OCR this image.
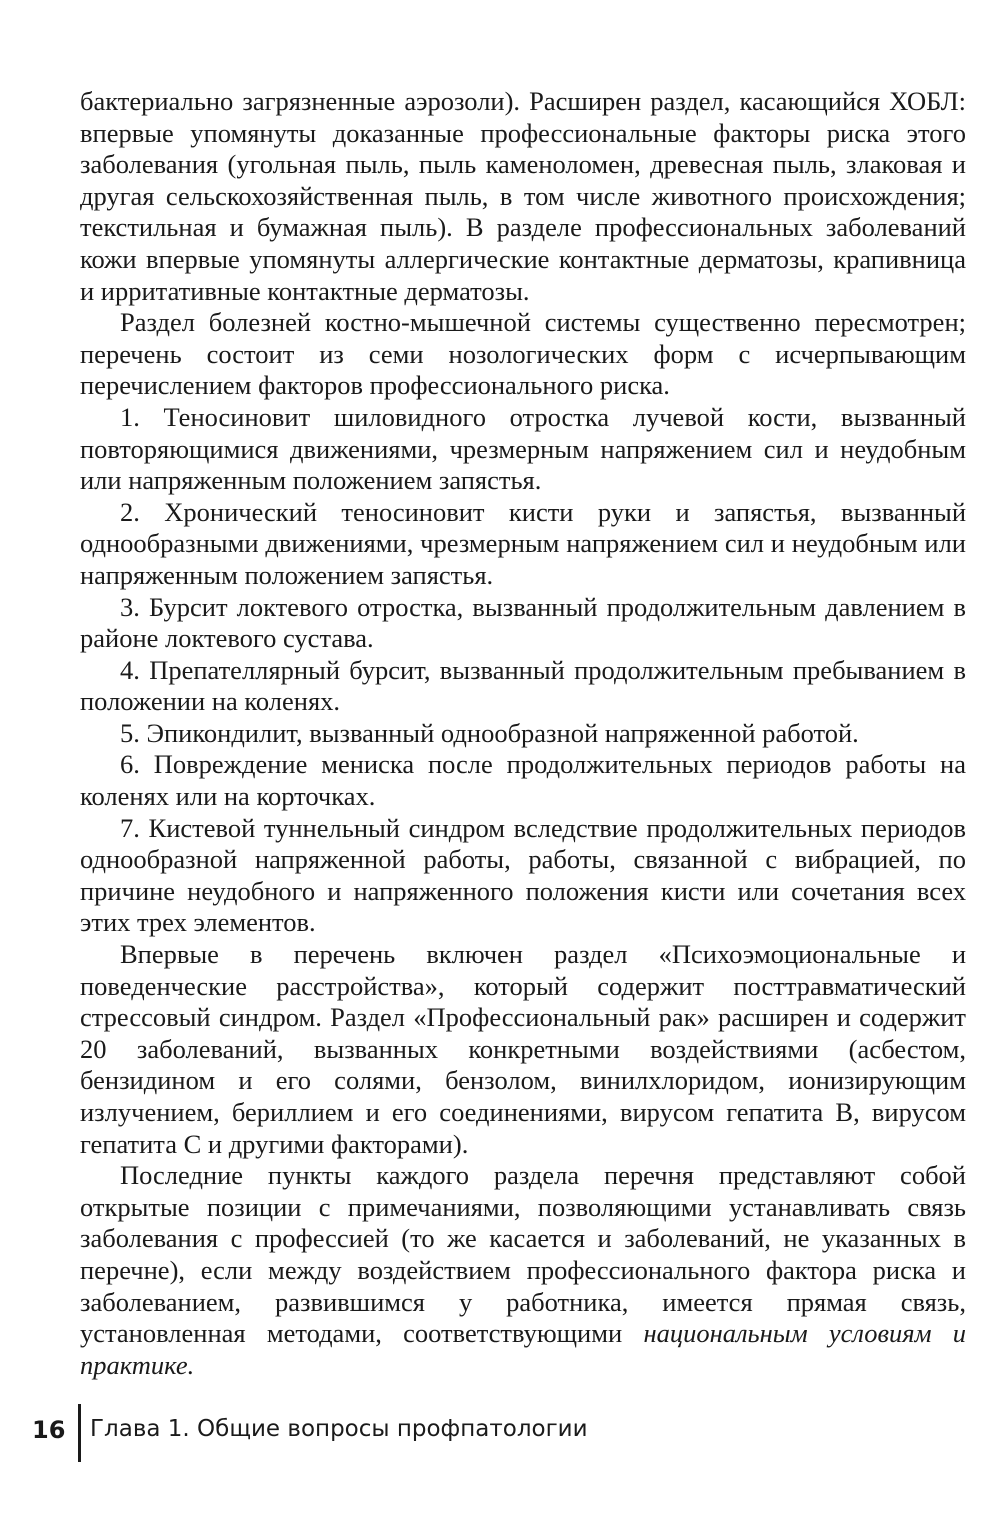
бактериально загрязненные аэрозоли). Расширен раздел, касающийся ХОБЛ: впервые упомянуты доказанные профессиональные факторы риска этого заболевания (угольная пыль, пыль каменоломен, древесная пыль, злаковая и другая сельскохозяйственная пыль, в том числе животного происхождения; текстильная и бумажная пыль). В разделе профессиональных заболеваний кожи впервые упомянуты аллергические контактные дерматозы, крапивница и ирритативные контактные дерматозы.

Раздел болезней костно-мышечной системы существенно пересмотрен; перечень состоит из семи нозологических форм с исчерпывающим перечислением факторов профессионального риска.

1. Теносиновит шиловидного отростка лучевой кости, вызванный повторяющимися движениями, чрезмерным напряжением сил и неудобным или напряженным положением запястья.

2. Хронический теносиновит кисти руки и запястья, вызванный однообразными движениями, чрезмерным напряжением сил и неудобным или напряженным положением запястья.

3. Бурсит локтевого отростка, вызванный продолжительным давлением в районе локтевого сустава.

4. Препателлярный бурсит, вызванный продолжительным пребыванием в положении на коленях.

5. Эпикондилит, вызванный однообразной напряженной работой.

6. Повреждение мениска после продолжительных периодов работы на коленях или на корточках.

7. Кистевой туннельный синдром вследствие продолжительных периодов однообразной напряженной работы, работы, связанной с вибрацией, по причине неудобного и напряженного положения кисти или сочетания всех этих трех элементов.

Впервые в перечень включен раздел «Психоэмоциональные и поведенческие расстройства», который содержит посттравматический стрессовый синдром. Раздел «Профессиональный рак» расширен и содержит 20 заболеваний, вызванных конкретными воздействиями (асбестом, бензидином и его солями, бензолом, винилхлоридом, ионизирующим излучением, бериллием и его соединениями, вирусом гепатита B, вирусом гепатита C и другими факторами).

Последние пункты каждого раздела перечня представляют собой открытые позиции с примечаниями, позволяющими устанавливать связь заболевания с профессией (то же касается и заболеваний, не указанных в перечне), если между воздействием профессионального фактора риска и заболеванием, развившимся у работника, имеется прямая связь, установленная методами, соответствующими национальным условиям и практике.

16 Глава 1. Общие вопросы профпатологии
